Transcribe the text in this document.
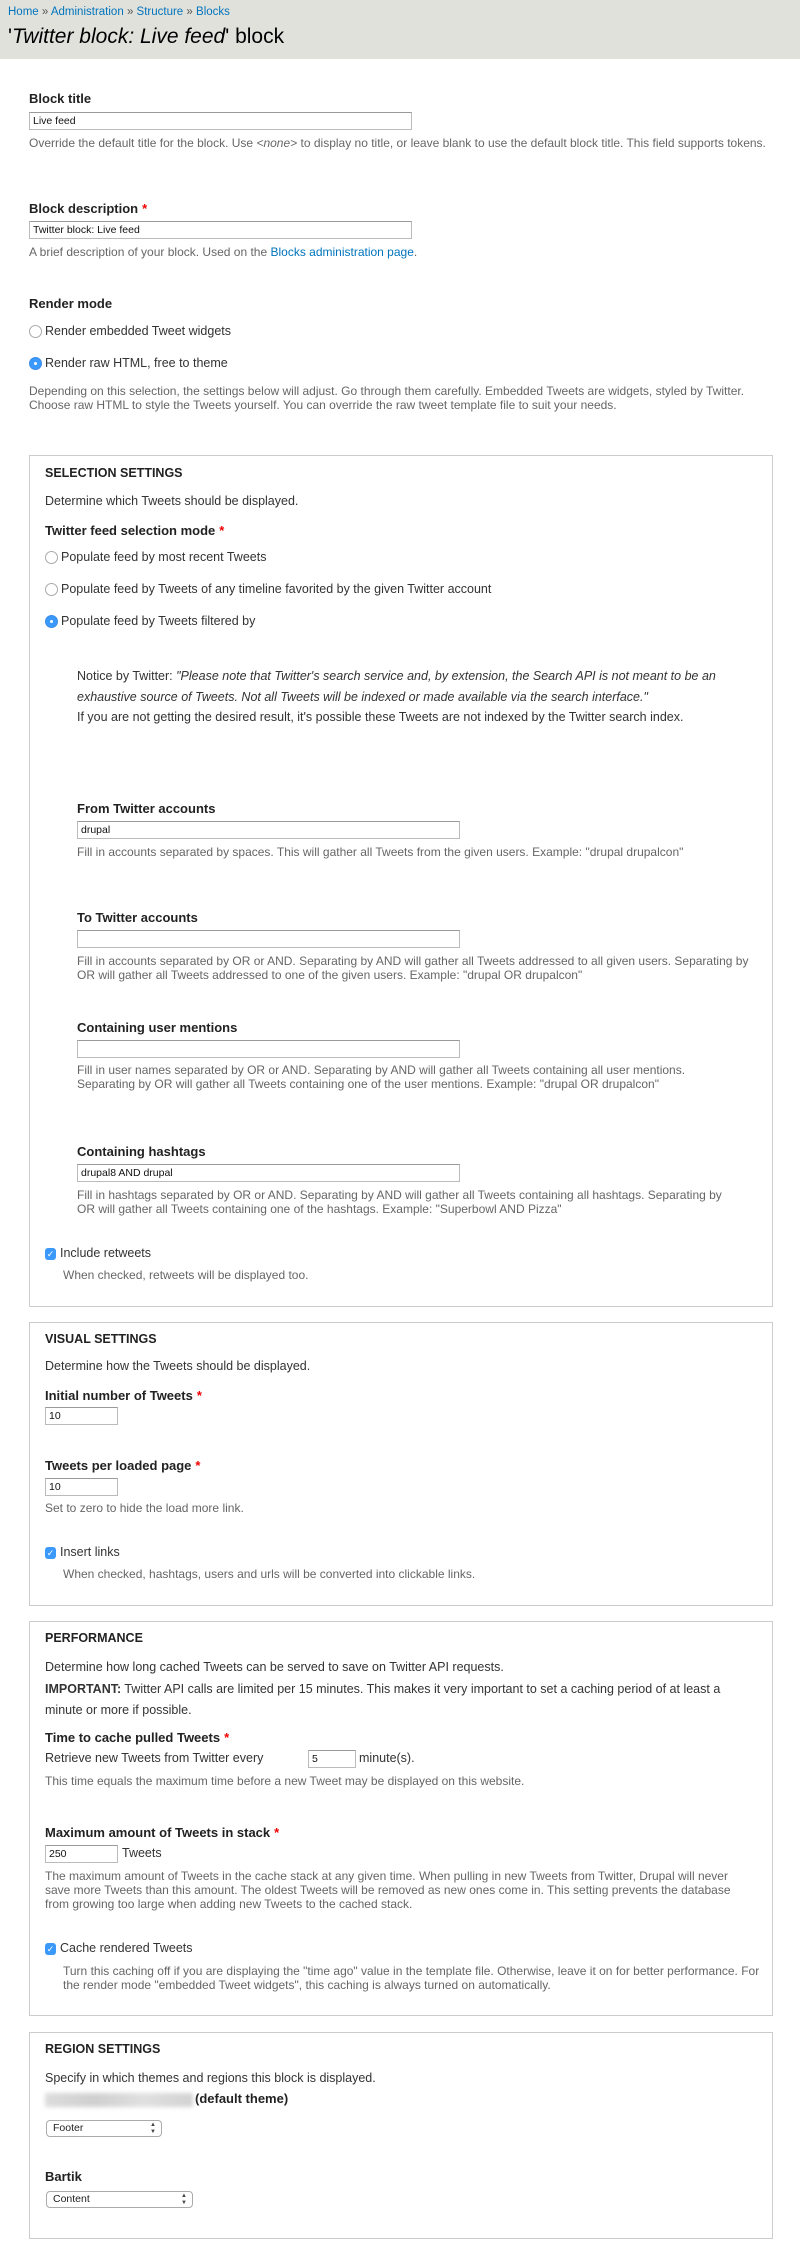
Home » Administration » Structure » Blocks
'Twitter block: Live feed' block
Block title
Live feed
Override the default title for the block. Use <none> to display no title, or leave blank to use the default block title. This field supports tokens.
Block description *
Twitter block: Live feed
A brief description of your block. Used on the Blocks administration page.
Render mode
Render embedded Tweet widgets
Render raw HTML, free to theme
Depending on this selection, the settings below will adjust. Go through them carefully. Embedded Tweets are widgets, styled by Twitter. Choose raw HTML to style the Tweets yourself. You can override the raw tweet template file to suit your needs.
SELECTION SETTINGS
Determine which Tweets should be displayed.
Twitter feed selection mode *
Populate feed by most recent Tweets
Populate feed by Tweets of any timeline favorited by the given Twitter account
Populate feed by Tweets filtered by
Notice by Twitter: "Please note that Twitter's search service and, by extension, the Search API is not meant to be an exhaustive source of Tweets. Not all Tweets will be indexed or made available via the search interface."
If you are not getting the desired result, it's possible these Tweets are not indexed by the Twitter search index.
From Twitter accounts
drupal
Fill in accounts separated by spaces. This will gather all Tweets from the given users. Example: "drupal drupalcon"
To Twitter accounts
Fill in accounts separated by OR or AND. Separating by AND will gather all Tweets addressed to all given users. Separating by OR will gather all Tweets addressed to one of the given users. Example: "drupal OR drupalcon"
Containing user mentions
Fill in user names separated by OR or AND. Separating by AND will gather all Tweets containing all user mentions. Separating by OR will gather all Tweets containing one of the user mentions. Example: "drupal OR drupalcon"
Containing hashtags
drupal8 AND drupal
Fill in hashtags separated by OR or AND. Separating by AND will gather all Tweets containing all hashtags. Separating by OR will gather all Tweets containing one of the hashtags. Example: "Superbowl AND Pizza"
✓ Include retweets
When checked, retweets will be displayed too.
VISUAL SETTINGS
Determine how the Tweets should be displayed.
Initial number of Tweets *
10
Tweets per loaded page *
10
Set to zero to hide the load more link.
✓ Insert links
When checked, hashtags, users and urls will be converted into clickable links.
PERFORMANCE
Determine how long cached Tweets can be served to save on Twitter API requests.
IMPORTANT: Twitter API calls are limited per 15 minutes. This makes it very important to set a caching period of at least a minute or more if possible.
Time to cache pulled Tweets *
Retrieve new Tweets from Twitter every	5	minute(s).
This time equals the maximum time before a new Tweet may be displayed on this website.
Maximum amount of Tweets in stack *
250	Tweets
The maximum amount of Tweets in the cache stack at any given time. When pulling in new Tweets from Twitter, Drupal will never save more Tweets than this amount. The oldest Tweets will be removed as new ones come in. This setting prevents the database from growing too large when adding new Tweets to the cached stack.
✓ Cache rendered Tweets
Turn this caching off if you are displaying the "time ago" value in the template file. Otherwise, leave it on for better performance. For the render mode "embedded Tweet widgets", this caching is always turned on automatically.
REGION SETTINGS
Specify in which themes and regions this block is displayed.
(default theme)
Footer	▲
▼
Bartik
Content	▲
▼
